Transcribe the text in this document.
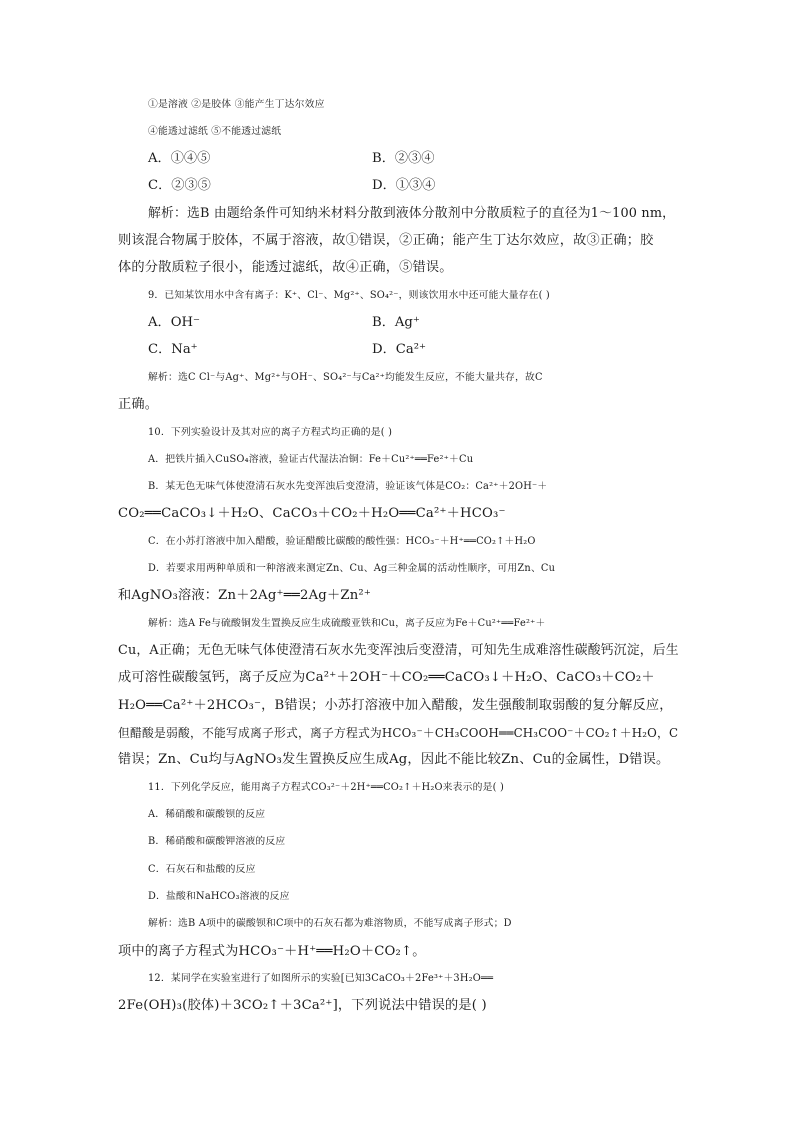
①是溶液 ②是胶体 ③能产生丁达尔效应
④能透过滤纸 ⑤不能透过滤纸
A．①④⑤	B．②③④
C．②③⑤	D．①③④
解析：选B 由题给条件可知纳米材料分散到液体分散剂中分散质粒子的直径为1～100 nm，
则该混合物属于胶体，不属于溶液，故①错误，②正确；能产生丁达尔效应，故③正确；胶
体的分散质粒子很小，能透过滤纸，故④正确，⑤错误。
9．已知某饮用水中含有离子：K⁺、Cl⁻、Mg²⁺、SO₄²⁻，则该饮用水中还可能大量存在( )
A．OH⁻	B．Ag⁺
C．Na⁺	D．Ca²⁺
解析：选C Cl⁻与Ag⁺、Mg²⁺与OH⁻、SO₄²⁻与Ca²⁺均能发生反应，不能大量共存，故C
正确。
10．下列实验设计及其对应的离子方程式均正确的是( )
A．把铁片插入CuSO₄溶液，验证古代湿法冶铜：Fe＋Cu²⁺══Fe²⁺＋Cu
B．某无色无味气体使澄清石灰水先变浑浊后变澄清，验证该气体是CO₂：Ca²⁺＋2OH⁻＋
CO₂══CaCO₃↓＋H₂O、CaCO₃＋CO₂＋H₂O══Ca²⁺＋HCO₃⁻
C．在小苏打溶液中加入醋酸，验证醋酸比碳酸的酸性强：HCO₃⁻＋H⁺══CO₂↑＋H₂O
D．若要求用两种单质和一种溶液来测定Zn、Cu、Ag三种金属的活动性顺序，可用Zn、Cu
和AgNO₃溶液：Zn＋2Ag⁺══2Ag＋Zn²⁺
解析：选A Fe与硫酸铜发生置换反应生成硫酸亚铁和Cu，离子反应为Fe＋Cu²⁺══Fe²⁺＋
Cu，A正确；无色无味气体使澄清石灰水先变浑浊后变澄清，可知先生成难溶性碳酸钙沉淀，后生
成可溶性碳酸氢钙，离子反应为Ca²⁺＋2OH⁻＋CO₂══CaCO₃↓＋H₂O、CaCO₃＋CO₂＋
H₂O══Ca²⁺＋2HCO₃⁻，B错误；小苏打溶液中加入醋酸，发生强酸制取弱酸的复分解反应，
但醋酸是弱酸，不能写成离子形式，离子方程式为HCO₃⁻＋CH₃COOH══CH₃COO⁻＋CO₂↑＋H₂O，C
错误；Zn、Cu均与AgNO₃发生置换反应生成Ag，因此不能比较Zn、Cu的金属性，D错误。
11．下列化学反应，能用离子方程式CO₃²⁻＋2H⁺══CO₂↑＋H₂O来表示的是( )
A．稀硝酸和碳酸钡的反应
B．稀硝酸和碳酸钾溶液的反应
C．石灰石和盐酸的反应
D．盐酸和NaHCO₃溶液的反应
解析：选B A项中的碳酸钡和C项中的石灰石都为难溶物质，不能写成离子形式；D
项中的离子方程式为HCO₃⁻＋H⁺══H₂O＋CO₂↑。
12．某同学在实验室进行了如图所示的实验[已知3CaCO₃＋2Fe³⁺＋3H₂O══
2Fe(OH)₃(胶体)＋3CO₂↑＋3Ca²⁺]，下列说法中错误的是( )
